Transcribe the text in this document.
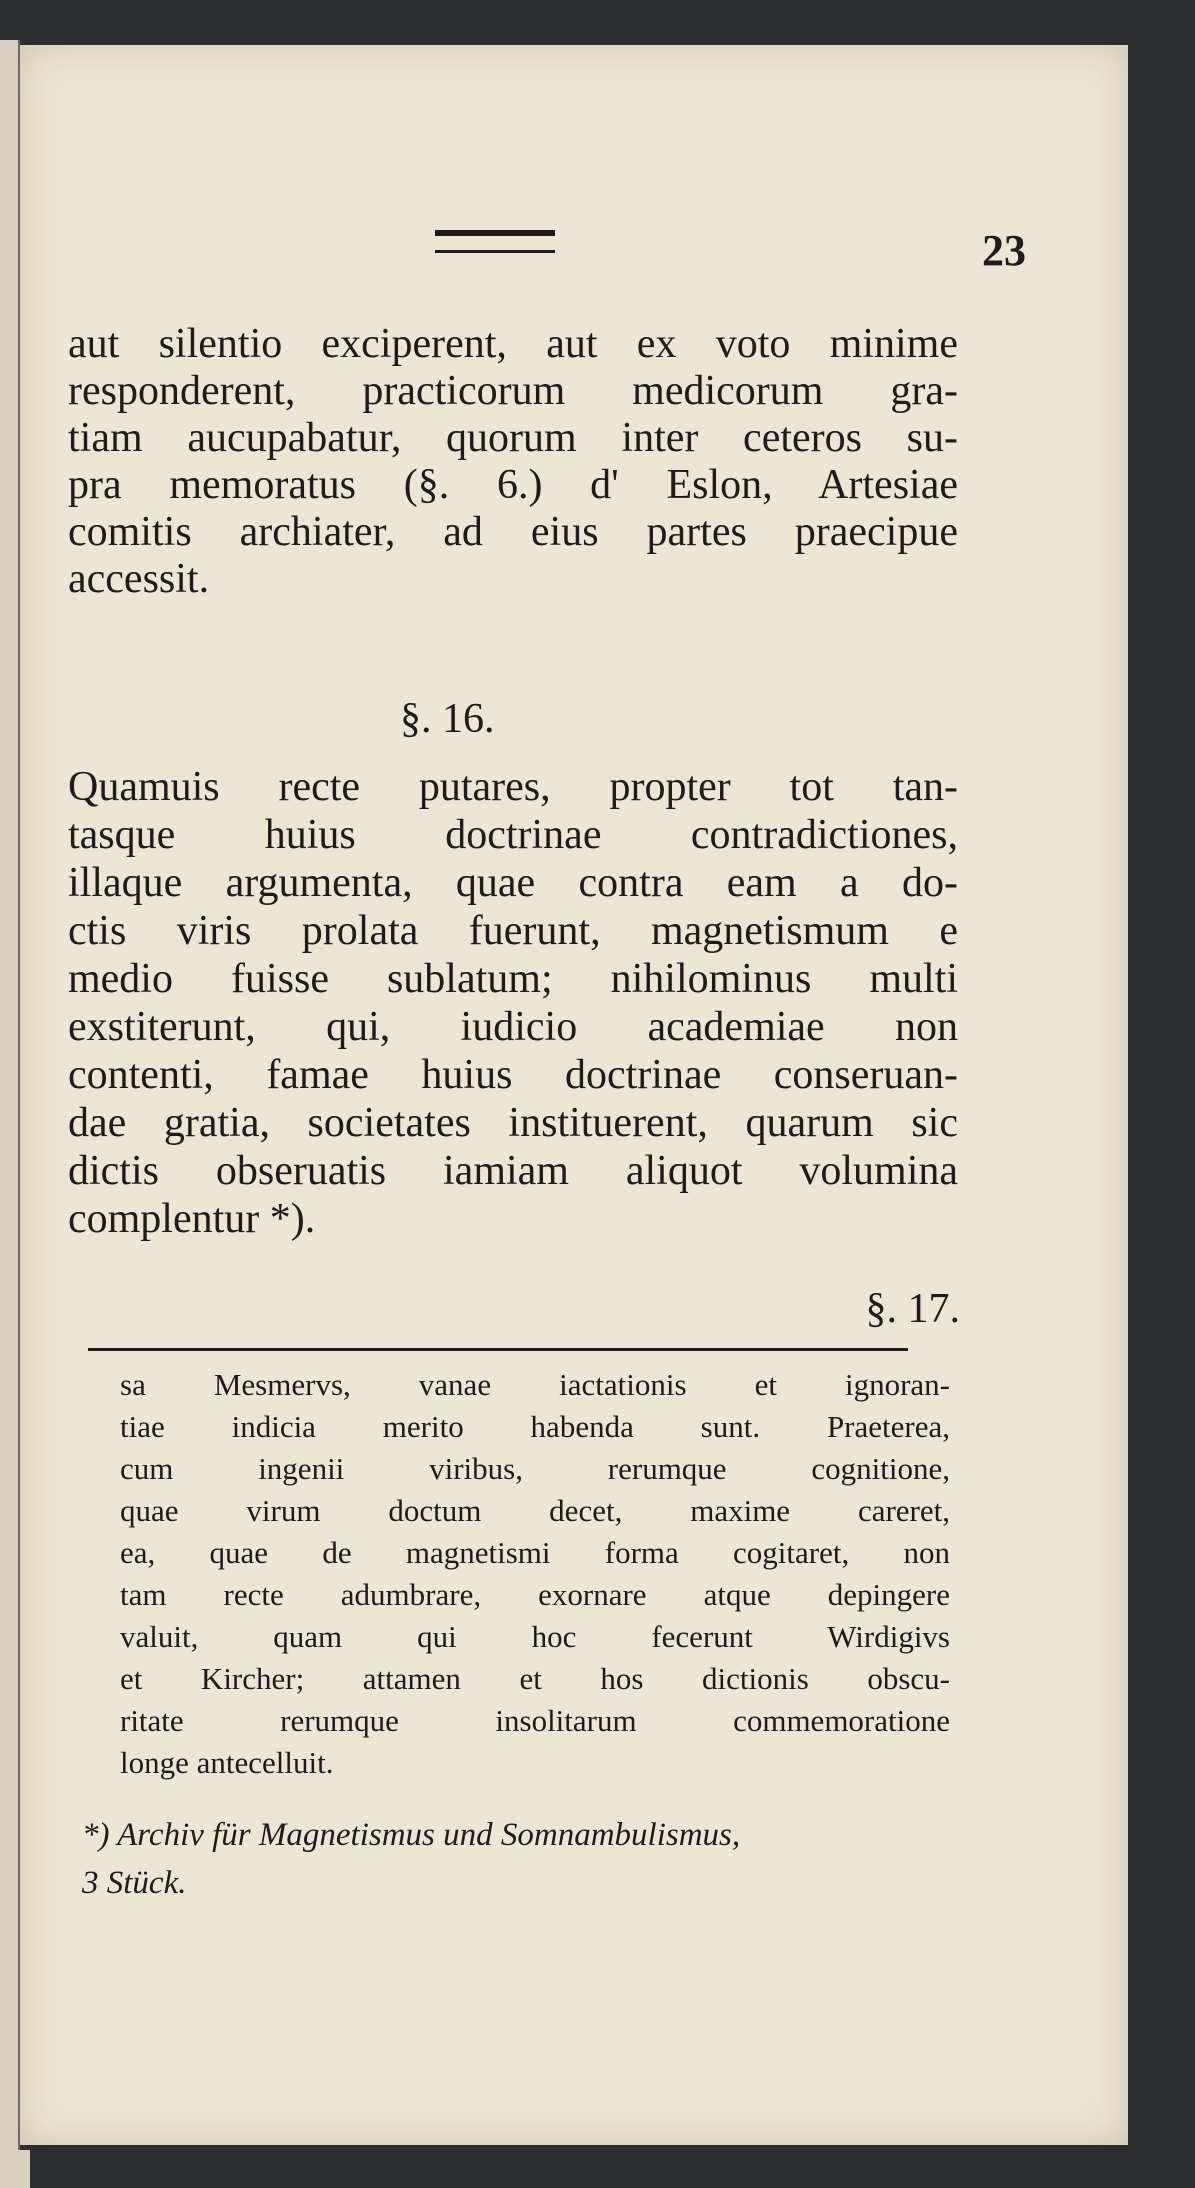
23
aut silentio exciperent, aut ex voto minime
responderent, practicorum medicorum gra-
tiam aucupabatur, quorum inter ceteros su-
pra memoratus (§. 6.) d' Eslon, Artesiae
comitis archiater, ad eius partes praecipue
accessit.
§. 16.
Quamuis recte putares, propter tot tan-
tasque huius doctrinae contradictiones,
illaque argumenta, quae contra eam a do-
ctis viris prolata fuerunt, magnetismum e
medio fuisse sublatum; nihilominus multi
exstiterunt, qui, iudicio academiae non
contenti, famae huius doctrinae conseruan-
dae gratia, societates instituerent, quarum sic
dictis obseruatis iamiam aliquot volumina
complentur *).
§. 17.
sa Mesmervs, vanae iactationis et ignoran-
tiae indicia merito habenda sunt. Praeterea,
cum ingenii viribus, rerumque cognitione,
quae virum doctum decet, maxime careret,
ea, quae de magnetismi forma cogitaret, non
tam recte adumbrare, exornare atque depingere
valuit, quam qui hoc fecerunt Wirdigivs
et Kircher; attamen et hos dictionis obscu-
ritate rerumque insolitarum commemoratione
longe antecelluit.
*) Archiv für Magnetismus und Somnambulismus,
3 Stück.
